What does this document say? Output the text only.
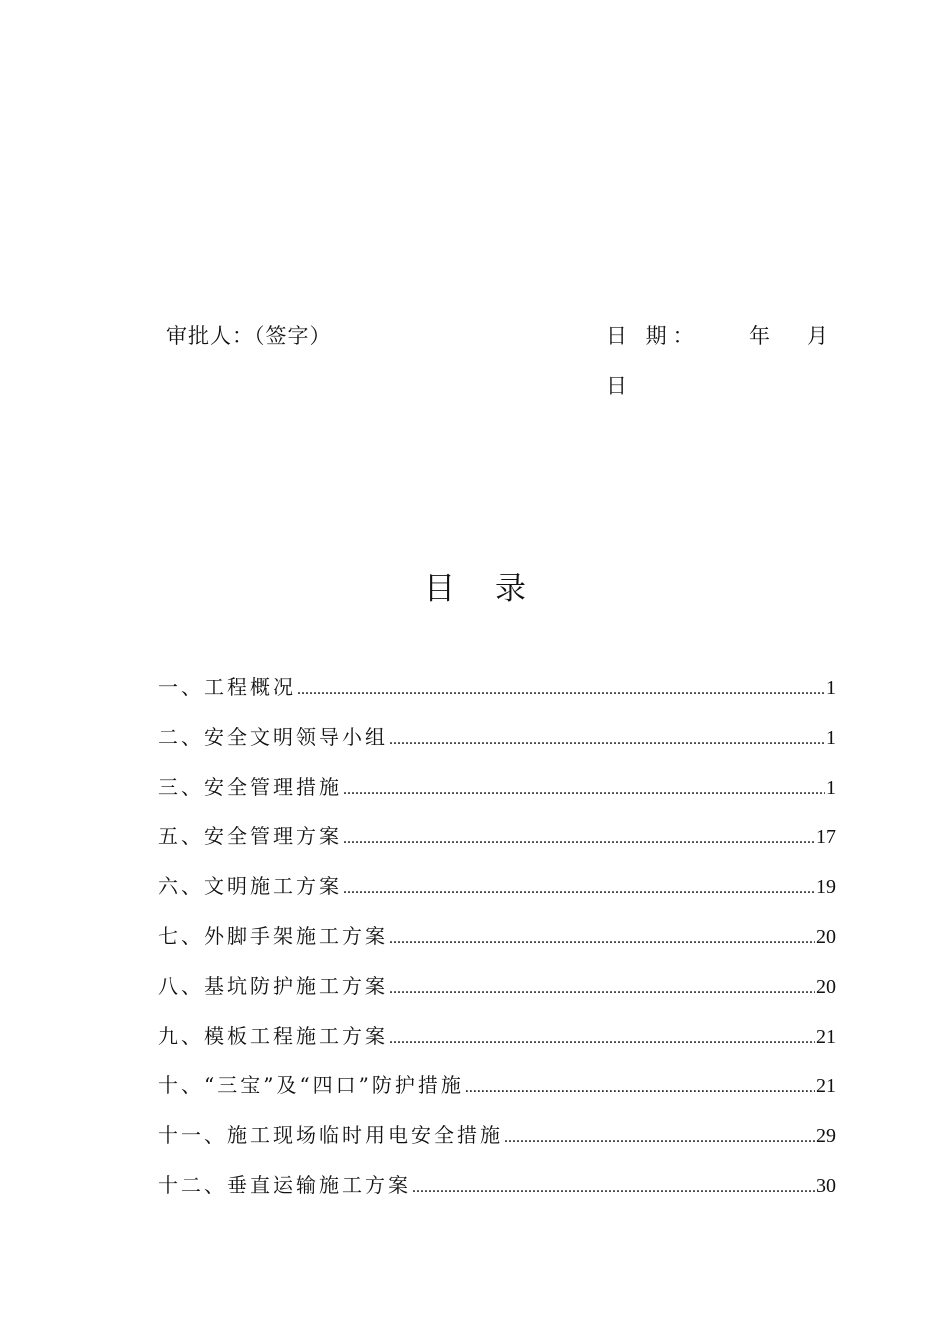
审批人：（签字）	日 期： 年 月
日
目 录
一、工程概况 .....	1
二、安全文明领导小组 .....	1
三、安全管理措施 .....	1
五、安全管理方案 .....	17
六、文明施工方案 .....	19
七、外脚手架施工方案 .....	20
八、基坑防护施工方案 .....	20
九、模板工程施工方案 .....	21
十、“三宝”及“四口”防护措施 .....	21
十一、施工现场临时用电安全措施 .....	29
十二、垂直运输施工方案 .....	30
